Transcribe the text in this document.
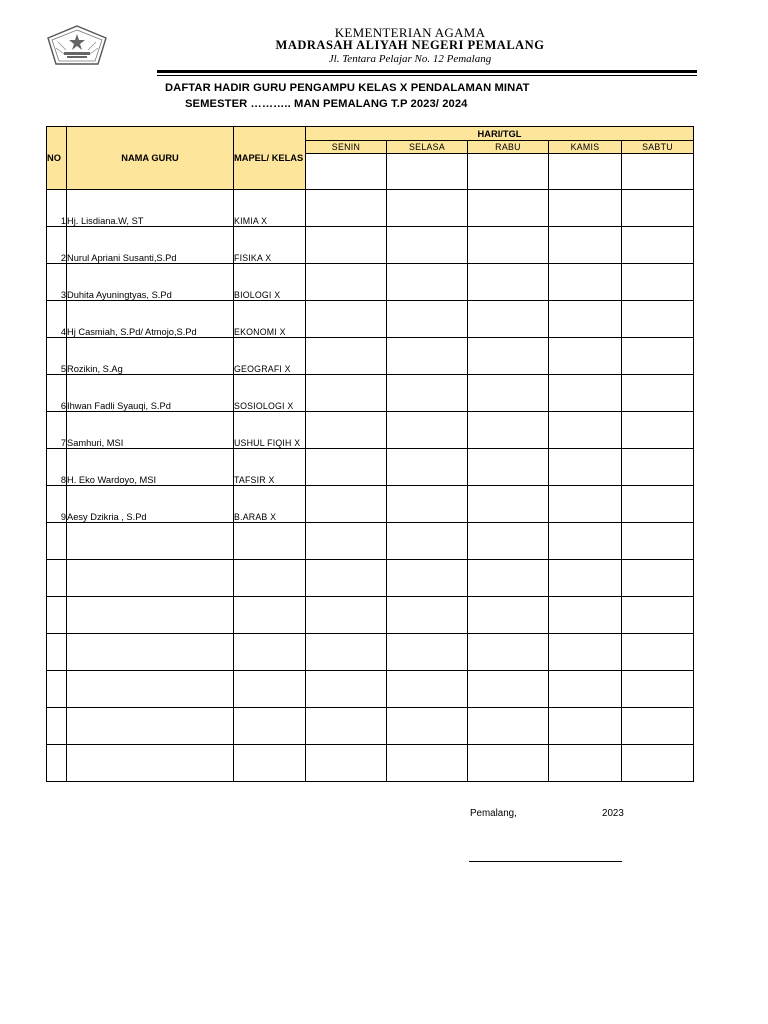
KEMENTERIAN AGAMA
MADRASAH ALIYAH NEGERI PEMALANG
Jl. Tentara Pelajar No. 12 Pemalang
DAFTAR HADIR GURU PENGAMPU KELAS X PENDALAMAN MINAT
SEMESTER ……….. MAN PEMALANG T.P 2023/ 2024
NO	NAMA GURU	MAPEL/ KELAS	HARI/TGL				
			SENIN	SELASA	RABU	KAMIS	SABTU

1	Hj. Lisdiana.W, ST	KIMIA X					
2	Nurul Apriani Susanti,S.Pd	FISIKA X					
3	Duhita Ayuningtyas, S.Pd	BIOLOGI X					
4	Hj Casmiah, S.Pd/ Atmojo,S.Pd	EKONOMI X					
5	Rozikin, S.Ag	GEOGRAFI X					
6	Ihwan Fadli Syauqi, S.Pd	SOSIOLOGI X					
7	Samhuri, MSI	USHUL FIQIH X					
8	H. Eko Wardoyo, MSI	TAFSIR X					
9	Aesy Dzikria , S.Pd	B.ARAB X					

Pemalang,	2023
